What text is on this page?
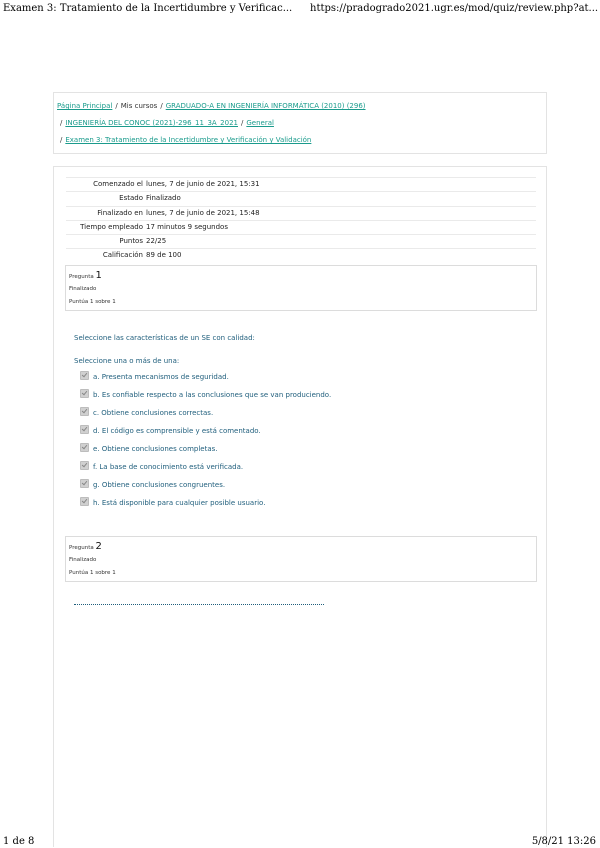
Examen 3: Tratamiento de la Incertidumbre y Verificac... https://pradogrado2021.ugr.es/mod/quiz/review.php?at...
Página Principal / Mis cursos / GRADUADO-A EN INGENIERÍA INFORMÁTICA (2010) (296)
/ INGENIERÍA DEL CONOC (2021)-296_11_3A_2021 / General
/ Examen 3: Tratamiento de la Incertidumbre y Verificación y Validación
Comenzado el lunes, 7 de junio de 2021, 15:31
Estado Finalizado
Finalizado en lunes, 7 de junio de 2021, 15:48
Tiempo empleado 17 minutos 9 segundos
Puntos 22/25
Calificación 89 de 100
Pregunta 1
Finalizado
Puntúa 1 sobre 1
Seleccione las características de un SE con calidad:
Seleccione una o más de una:
a. Presenta mecanismos de seguridad.
b. Es confiable respecto a las conclusiones que se van produciendo.
c. Obtiene conclusiones correctas.
d. El código es comprensible y está comentado.
e. Obtiene conclusiones completas.
f. La base de conocimiento está verificada.
g. Obtiene conclusiones congruentes.
h. Está disponible para cualquier posible usuario.
Pregunta 2
Finalizado
Puntúa 1 sobre 1
1 de 8	5/8/21 13:26
